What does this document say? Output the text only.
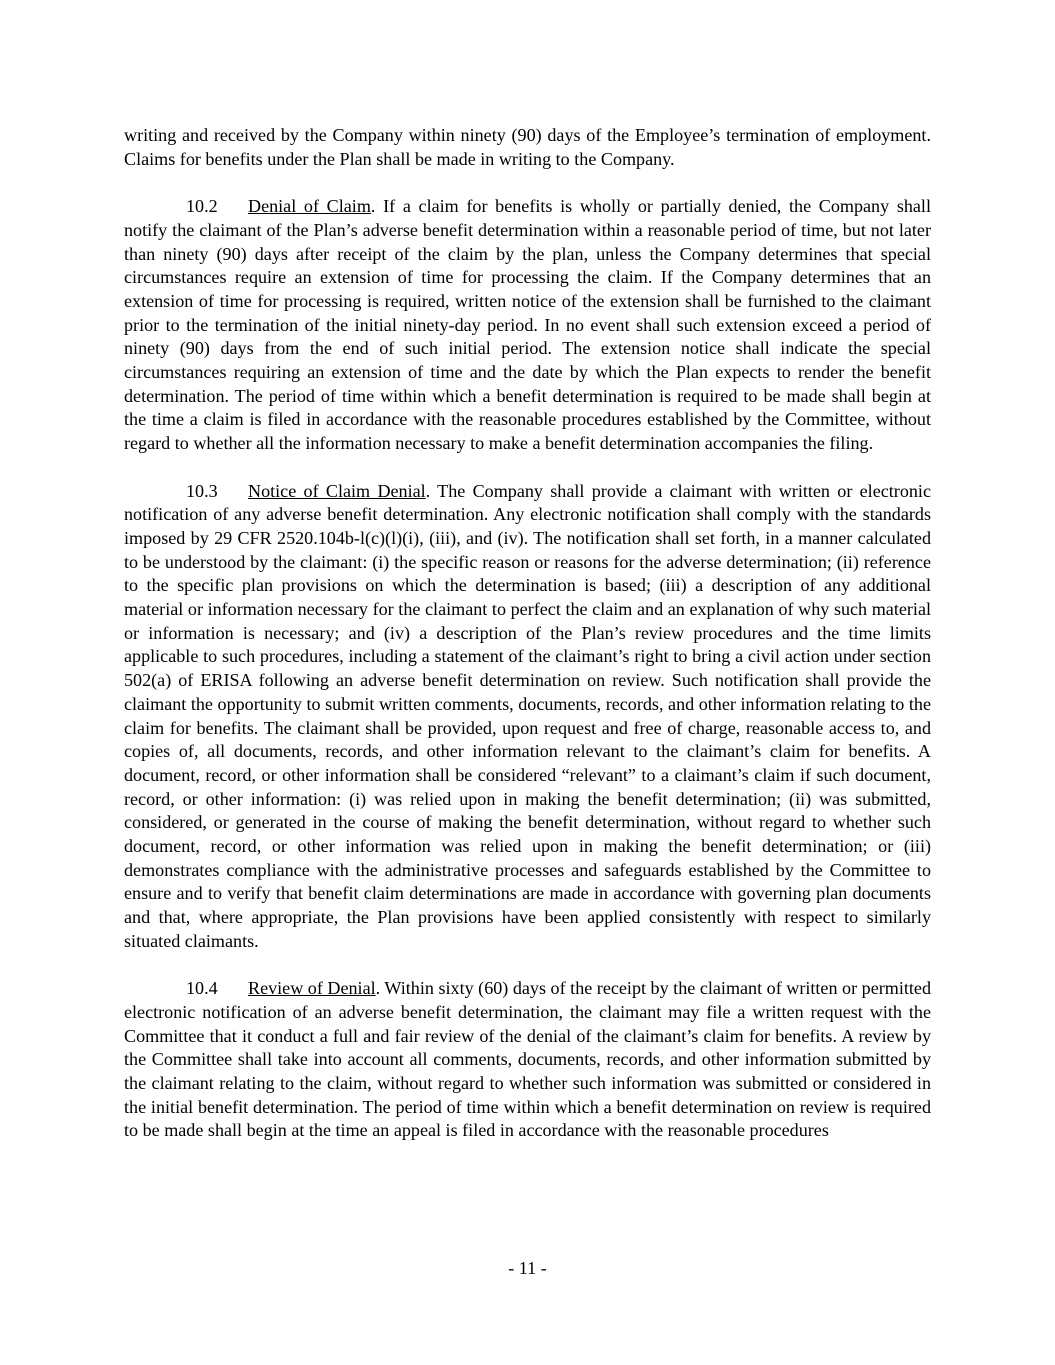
writing and received by the Company within ninety (90) days of the Employee’s termination of employment. Claims for benefits under the Plan shall be made in writing to the Company.

10.2 Denial of Claim. If a claim for benefits is wholly or partially denied, the Company shall notify the claimant of the Plan’s adverse benefit determination within a reasonable period of time, but not later than ninety (90) days after receipt of the claim by the plan, unless the Company determines that special circumstances require an extension of time for processing the claim. If the Company determines that an extension of time for processing is required, written notice of the extension shall be furnished to the claimant prior to the termination of the initial ninety-day period. In no event shall such extension exceed a period of ninety (90) days from the end of such initial period. The extension notice shall indicate the special circumstances requiring an extension of time and the date by which the Plan expects to render the benefit determination. The period of time within which a benefit determination is required to be made shall begin at the time a claim is filed in accordance with the reasonable procedures established by the Committee, without regard to whether all the information necessary to make a benefit determination accompanies the filing.

10.3 Notice of Claim Denial. The Company shall provide a claimant with written or electronic notification of any adverse benefit determination. Any electronic notification shall comply with the standards imposed by 29 CFR 2520.104b-l(c)(l)(i), (iii), and (iv). The notification shall set forth, in a manner calculated to be understood by the claimant: (i) the specific reason or reasons for the adverse determination; (ii) reference to the specific plan provisions on which the determination is based; (iii) a description of any additional material or information necessary for the claimant to perfect the claim and an explanation of why such material or information is necessary; and (iv) a description of the Plan’s review procedures and the time limits applicable to such procedures, including a statement of the claimant’s right to bring a civil action under section 502(a) of ERISA following an adverse benefit determination on review. Such notification shall provide the claimant the opportunity to submit written comments, documents, records, and other information relating to the claim for benefits. The claimant shall be provided, upon request and free of charge, reasonable access to, and copies of, all documents, records, and other information relevant to the claimant’s claim for benefits. A document, record, or other information shall be considered “relevant” to a claimant’s claim if such document, record, or other information: (i) was relied upon in making the benefit determination; (ii) was submitted, considered, or generated in the course of making the benefit determination, without regard to whether such document, record, or other information was relied upon in making the benefit determination; or (iii) demonstrates compliance with the administrative processes and safeguards established by the Committee to ensure and to verify that benefit claim determinations are made in accordance with governing plan documents and that, where appropriate, the Plan provisions have been applied consistently with respect to similarly situated claimants.

10.4 Review of Denial. Within sixty (60) days of the receipt by the claimant of written or permitted electronic notification of an adverse benefit determination, the claimant may file a written request with the Committee that it conduct a full and fair review of the denial of the claimant’s claim for benefits. A review by the Committee shall take into account all comments, documents, records, and other information submitted by the claimant relating to the claim, without regard to whether such information was submitted or considered in the initial benefit determination. The period of time within which a benefit determination on review is required to be made shall begin at the time an appeal is filed in accordance with the reasonable procedures

- 11 -
